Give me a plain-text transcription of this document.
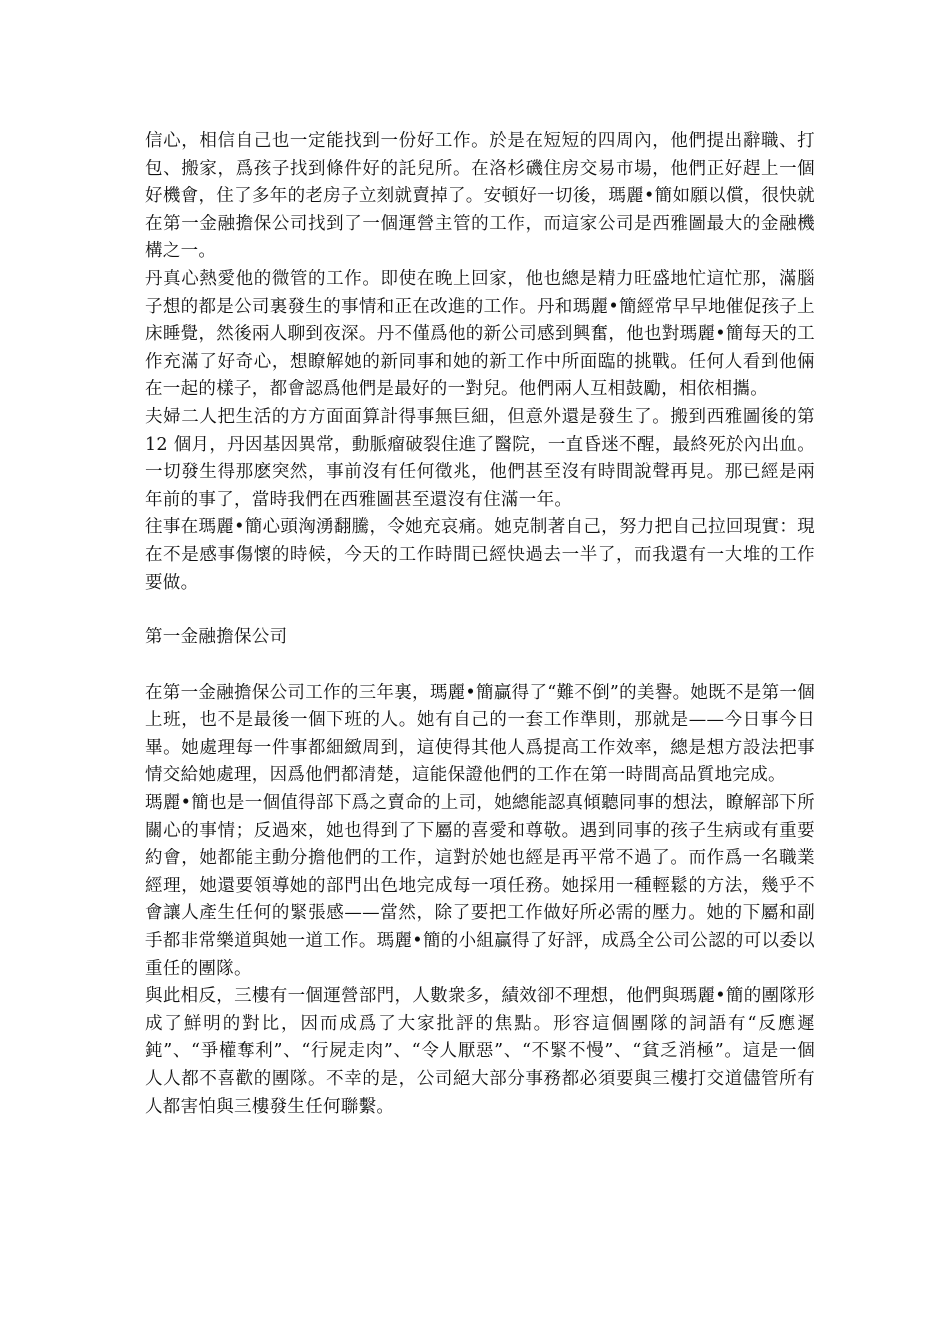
信心，相信自己也一定能找到一份好工作。於是在短短的四周內，他們提出辭職、打包、搬家，爲孩子找到條件好的託兒所。在洛杉磯住房交易市場，他們正好趕上一個好機會，住了多年的老房子立刻就賣掉了。安頓好一切後，瑪麗•簡如願以償，很快就在第一金融擔保公司找到了一個運營主管的工作，而這家公司是西雅圖最大的金融機構之一。

丹真心熱愛他的微管的工作。即使在晚上回家，他也總是精力旺盛地忙這忙那，滿腦子想的都是公司裏發生的事情和正在改進的工作。丹和瑪麗•簡經常早早地催促孩子上床睡覺，然後兩人聊到夜深。丹不僅爲他的新公司感到興奮，他也對瑪麗•簡每天的工作充滿了好奇心，想瞭解她的新同事和她的新工作中所面臨的挑戰。任何人看到他倆在一起的樣子，都會認爲他們是最好的一對兒。他們兩人互相鼓勵，相依相攜。

夫婦二人把生活的方方面面算計得事無巨細，但意外還是發生了。搬到西雅圖後的第 12 個月，丹因基因異常，動脈瘤破裂住進了醫院，一直昏迷不醒，最終死於內出血。一切發生得那麽突然，事前沒有任何徵兆，他們甚至沒有時間說聲再見。那已經是兩年前的事了，當時我們在西雅圖甚至還沒有住滿一年。

往事在瑪麗•簡心頭洶湧翻騰，令她充哀痛。她克制著自己，努力把自己拉回現實：現在不是感事傷懷的時候，今天的工作時間已經快過去一半了，而我還有一大堆的工作要做。

第一金融擔保公司

在第一金融擔保公司工作的三年裏，瑪麗•簡贏得了“難不倒”的美譽。她既不是第一個上班，也不是最後一個下班的人。她有自己的一套工作準則，那就是——今日事今日畢。她處理每一件事都細緻周到，這使得其他人爲提高工作效率，總是想方設法把事情交給她處理，因爲他們都清楚，這能保證他們的工作在第一時間高品質地完成。

瑪麗•簡也是一個值得部下爲之賣命的上司，她總能認真傾聽同事的想法，瞭解部下所關心的事情；反過來，她也得到了下屬的喜愛和尊敬。遇到同事的孩子生病或有重要約會，她都能主動分擔他們的工作，這對於她也經是再平常不過了。而作爲一名職業經理，她還要領導她的部門出色地完成每一項任務。她採用一種輕鬆的方法，幾乎不會讓人產生任何的緊張感——當然，除了要把工作做好所必需的壓力。她的下屬和副手都非常樂道與她一道工作。瑪麗•簡的小組贏得了好評，成爲全公司公認的可以委以重任的團隊。

與此相反，三樓有一個運營部門，人數衆多，績效卻不理想，他們與瑪麗•簡的團隊形成了鮮明的對比，因而成爲了大家批評的焦點。形容這個團隊的詞語有“反應遲鈍”、“爭權奪利”、“行屍走肉”、“令人厭惡”、“不緊不慢”、“貧乏消極”。這是一個人人都不喜歡的團隊。不幸的是，公司絕大部分事務都必須要與三樓打交道儘管所有人都害怕與三樓發生任何聯繫。
